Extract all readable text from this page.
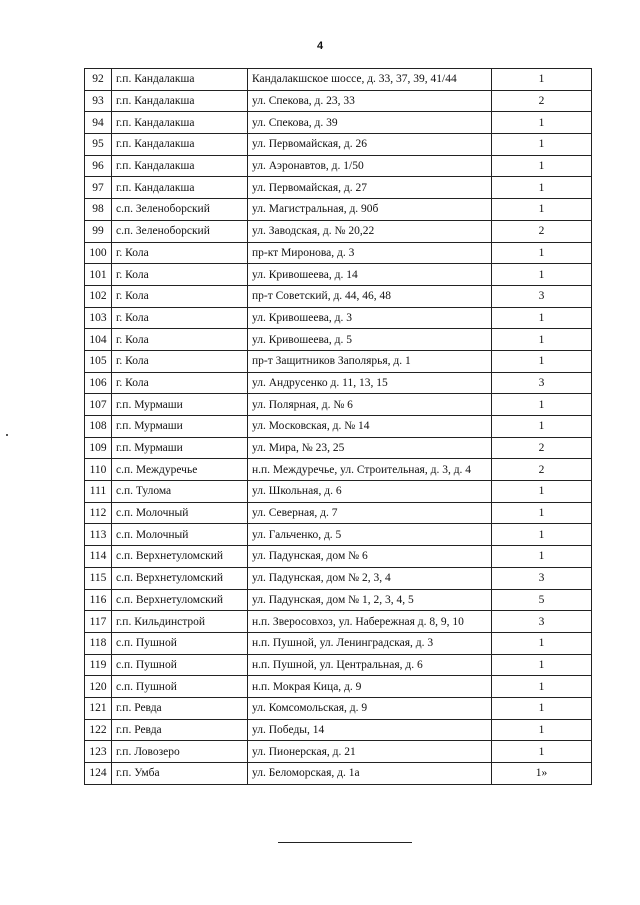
4
92	г.п. Кандалакша	Кандалакшское шоссе, д. 33, 37, 39, 41/44	1
93	г.п. Кандалакша	ул. Спекова, д. 23, 33	2
94	г.п. Кандалакша	ул. Спекова, д. 39	1
95	г.п. Кандалакша	ул. Первомайская, д. 26	1
96	г.п. Кандалакша	ул. Аэронавтов, д. 1/50	1
97	г.п. Кандалакша	ул. Первомайская, д. 27	1
98	с.п. Зеленоборский	ул. Магистральная, д. 90б	1
99	с.п. Зеленоборский	ул. Заводская, д. № 20,22	2
100	г. Кола	пр-кт Миронова, д. 3	1
101	г. Кола	ул. Кривошеева, д. 14	1
102	г. Кола	пр-т Советский, д. 44, 46, 48	3
103	г. Кола	ул. Кривошеева, д. 3	1
104	г. Кола	ул. Кривошеева, д. 5	1
105	г. Кола	пр-т Защитников Заполярья, д. 1	1
106	г. Кола	ул. Андрусенко д. 11, 13, 15	3
107	г.п. Мурмаши	ул. Полярная, д. № 6	1
108	г.п. Мурмаши	ул. Московская, д. № 14	1
109	г.п. Мурмаши	ул. Мира, № 23, 25	2
110	с.п. Междуречье	н.п. Междуречье, ул. Строительная, д. 3, д. 4	2
111	с.п. Тулома	ул. Школьная, д. 6	1
112	с.п. Молочный	ул. Северная, д. 7	1
113	с.п. Молочный	ул. Гальченко, д. 5	1
114	с.п. Верхнетуломский	ул. Падунская, дом № 6	1
115	с.п. Верхнетуломский	ул. Падунская, дом № 2, 3, 4	3
116	с.п. Верхнетуломский	ул. Падунская, дом № 1, 2, 3, 4, 5	5
117	г.п. Кильдинстрой	н.п. Зверосовхоз, ул. Набережная д. 8, 9, 10	3
118	с.п. Пушной	н.п. Пушной, ул. Ленинградская, д. 3	1
119	с.п. Пушной	н.п. Пушной, ул. Центральная, д. 6	1
120	с.п. Пушной	н.п. Мокрая Кица, д. 9	1
121	г.п. Ревда	ул. Комсомольская, д. 9	1
122	г.п. Ревда	ул. Победы, 14	1
123	г.п. Ловозеро	ул. Пионерская, д. 21	1
124	г.п. Умба	ул. Беломорская, д. 1а	1»
